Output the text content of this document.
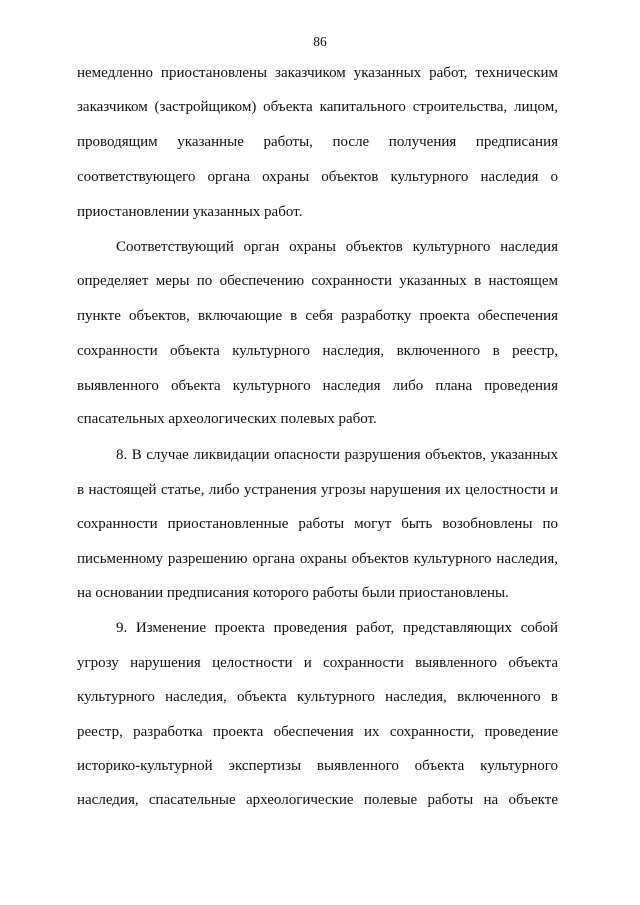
86
немедленно приостановлены заказчиком указанных работ, техническим
заказчиком (застройщиком) объекта капитального строительства, лицом,
проводящим указанные работы, после получения предписания
соответствующего органа охраны объектов культурного наследия о
приостановлении указанных работ.
Соответствующий орган охраны объектов культурного наследия
определяет меры по обеспечению сохранности указанных в настоящем
пункте объектов, включающие в себя разработку проекта обеспечения
сохранности объекта культурного наследия, включенного в реестр,
выявленного объекта культурного наследия либо плана проведения
спасательных археологических полевых работ.
8. В случае ликвидации опасности разрушения объектов, указанных
в настоящей статье, либо устранения угрозы нарушения их целостности и
сохранности приостановленные работы могут быть возобновлены по
письменному разрешению органа охраны объектов культурного наследия,
на основании предписания которого работы были приостановлены.
9. Изменение проекта проведения работ, представляющих собой
угрозу нарушения целостности и сохранности выявленного объекта
культурного наследия, объекта культурного наследия, включенного в
реестр, разработка проекта обеспечения их сохранности, проведение
историко-культурной экспертизы выявленного объекта культурного
наследия, спасательные археологические полевые работы на объекте
